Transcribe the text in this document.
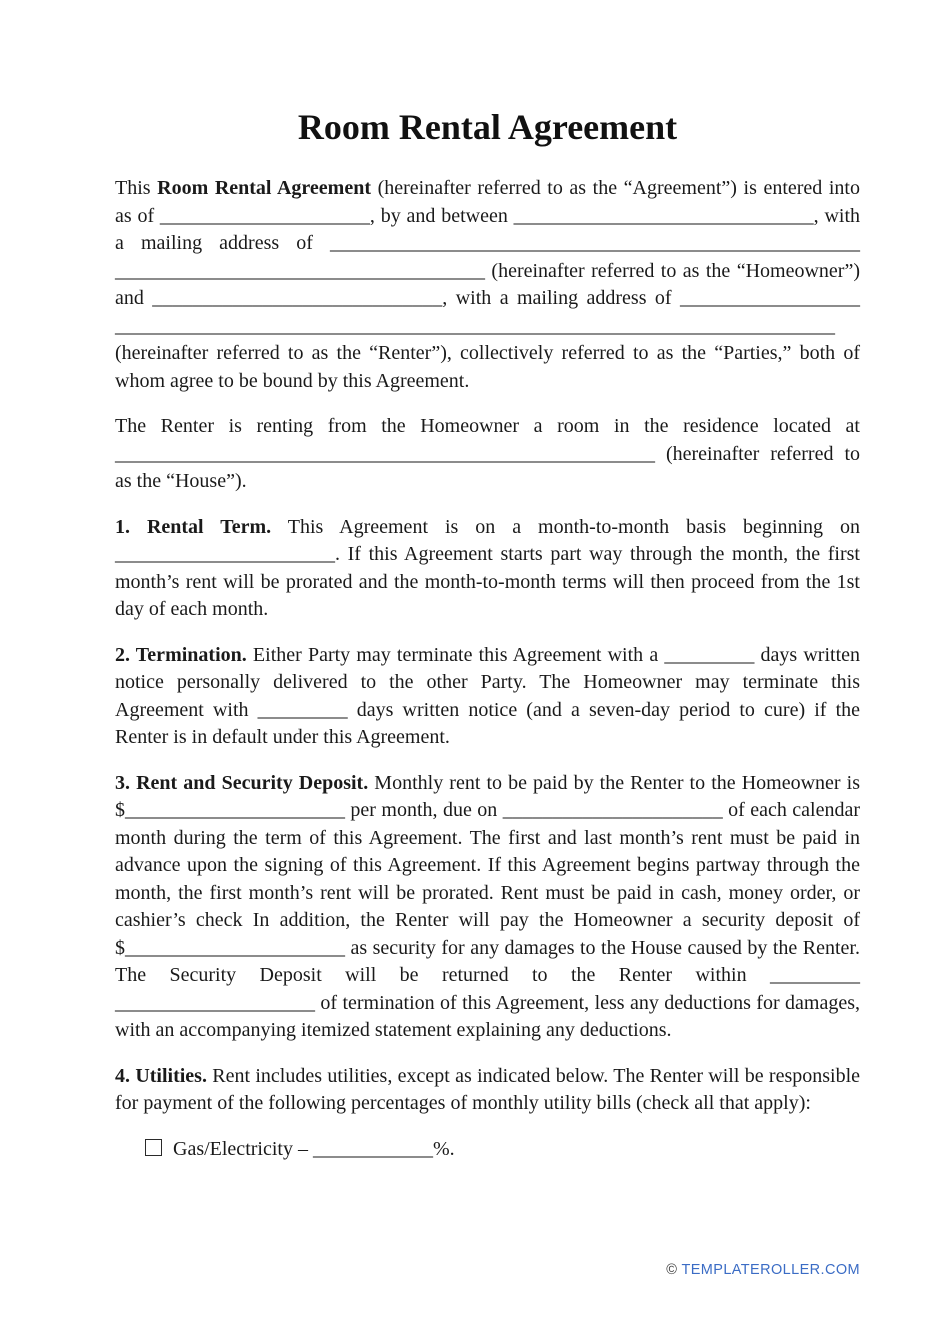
Room Rental Agreement

This Room Rental Agreement (hereinafter referred to as the “Agreement”) is entered into as of _____________________, by and between ______________________________, with a mailing address of _____________________________________________________ _____________________________________ (hereinafter referred to as the “Homeowner”) and _____________________________, with a mailing address of __________________ ________________________________________________________________________ (hereinafter referred to as the “Renter”), collectively referred to as the “Parties,” both of whom agree to be bound by this Agreement.

The Renter is renting from the Homeowner a room in the residence located at ______________________________________________________ (hereinafter referred to as the “House”).

1. Rental Term. This Agreement is on a month-to-month basis beginning on ______________________. If this Agreement starts part way through the month, the first month’s rent will be prorated and the month-to-month terms will then proceed from the 1st day of each month.

2. Termination. Either Party may terminate this Agreement with a _________ days written notice personally delivered to the other Party. The Homeowner may terminate this Agreement with _________ days written notice (and a seven-day period to cure) if the Renter is in default under this Agreement.

3. Rent and Security Deposit. Monthly rent to be paid by the Renter to the Homeowner is $______________________ per month, due on ______________________ of each calendar month during the term of this Agreement. The first and last month’s rent must be paid in advance upon the signing of this Agreement. If this Agreement begins partway through the month, the first month’s rent will be prorated. Rent must be paid in cash, money order, or cashier’s check In addition, the Renter will pay the Homeowner a security deposit of $______________________ as security for any damages to the House caused by the Renter. The Security Deposit will be returned to the Renter within _________ ____________________ of termination of this Agreement, less any deductions for damages, with an accompanying itemized statement explaining any deductions.

4. Utilities. Rent includes utilities, except as indicated below. The Renter will be responsible for payment of the following percentages of monthly utility bills (check all that apply):

Gas/Electricity – ____________%.
© TEMPLATEROLLER.COM
